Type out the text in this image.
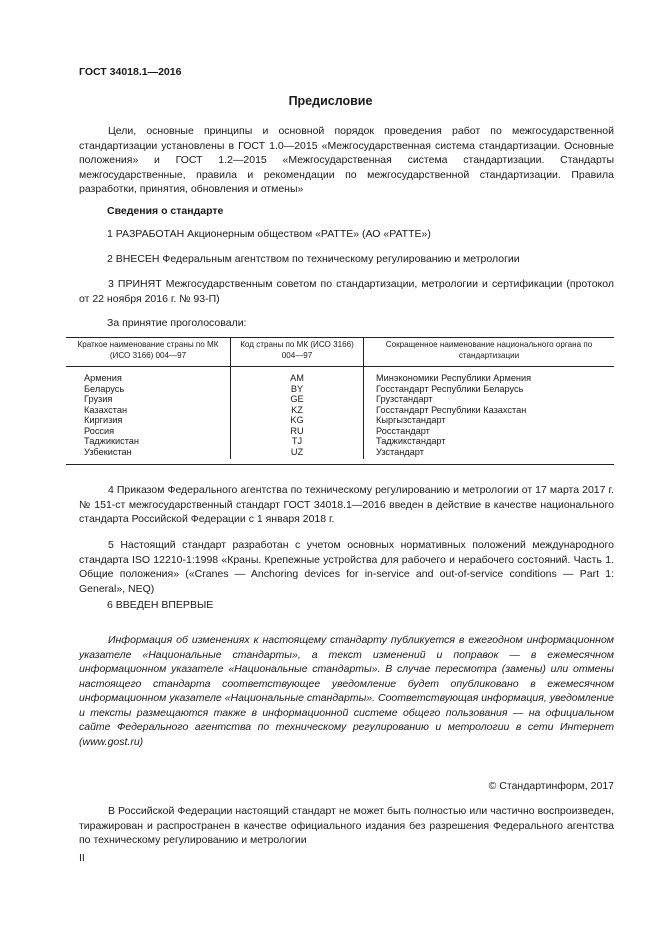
ГОСТ 34018.1—2016
Предисловие
Цели, основные принципы и основной порядок проведения работ по межгосударственной стандартизации установлены в ГОСТ 1.0—2015 «Межгосударственная система стандартизации. Основные положения» и ГОСТ 1.2—2015 «Межгосударственная система стандартизации. Стандарты межгосударственные, правила и рекомендации по межгосударственной стандартизации. Правила разработки, принятия, обновления и отмены»
Сведения о стандарте
1 РАЗРАБОТАН Акционерным обществом «РАТТЕ» (АО «РАТТЕ»)
2 ВНЕСЕН Федеральным агентством по техническому регулированию и метрологии
3 ПРИНЯТ Межгосударственным советом по стандартизации, метрологии и сертификации (протокол от 22 ноября 2016 г. № 93-П)
За принятие проголосовали:
Краткое наименование страны по МК (ИСО 3166) 004—97	Код страны по МК (ИСО 3166) 004—97	Сокращенное наименование национального органа по стандартизации
Армения	AM	Минэкономики Республики Армения
Беларусь	BY	Госстандарт Республики Беларусь
Грузия	GE	Грузстандарт
Казахстан	KZ	Госстандарт Республики Казахстан
Киргизия	KG	Кыргызстандарт
Россия	RU	Росстандарт
Таджикистан	TJ	Таджикстандарт
Узбекистан	UZ	Узстандарт
4 Приказом Федерального агентства по техническому регулированию и метрологии от 17 марта 2017 г. № 151-ст межгосударственный стандарт ГОСТ 34018.1—2016 введен в действие в качестве национального стандарта Российской Федерации с 1 января 2018 г.
5 Настоящий стандарт разработан с учетом основных нормативных положений международного стандарта ISO 12210-1:1998 «Краны. Крепежные устройства для рабочего и нерабочего состояний. Часть 1. Общие положения» («Cranes — Anchoring devices for in-service and out-of-service conditions — Part 1: General», NEQ)
6 ВВЕДЕН ВПЕРВЫЕ
Информация об изменениях к настоящему стандарту публикуется в ежегодном информационном указателе «Национальные стандарты», а текст изменений и поправок — в ежемесячном информационном указателе «Национальные стандарты». В случае пересмотра (замены) или отмены настоящего стандарта соответствующее уведомление будет опубликовано в ежемесячном информационном указателе «Национальные стандарты». Соответствующая информация, уведомление и тексты размещаются также в информационной системе общего пользования — на официальном сайте Федерального агентства по техническому регулированию и метрологии в сети Интернет (www.gost.ru)
© Стандартинформ, 2017
В Российской Федерации настоящий стандарт не может быть полностью или частично воспроизведен, тиражирован и распространен в качестве официального издания без разрешения Федерального агентства по техническому регулированию и метрологии
II
